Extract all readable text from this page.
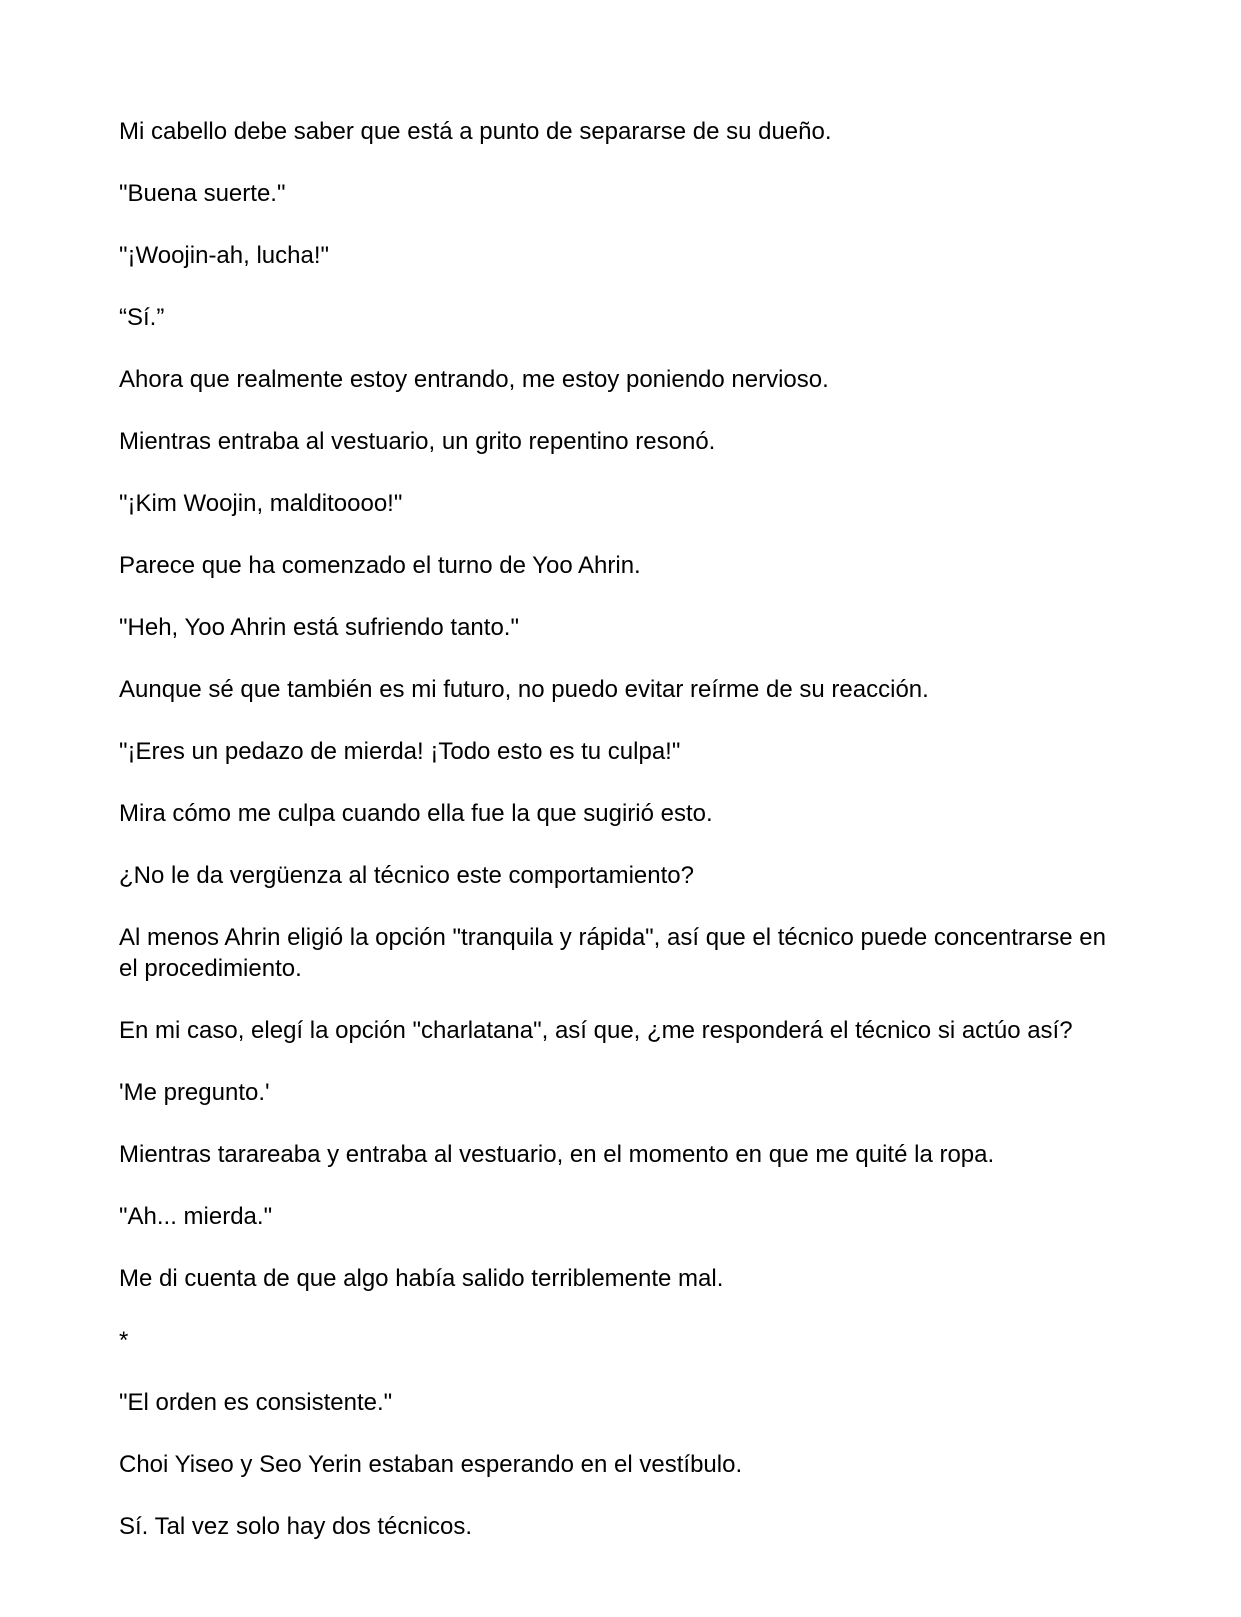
Mi cabello debe saber que está a punto de separarse de su dueño.

"Buena suerte."

"¡Woojin-ah, lucha!"

“Sí.”

Ahora que realmente estoy entrando, me estoy poniendo nervioso.

Mientras entraba al vestuario, un grito repentino resonó.

"¡Kim Woojin, malditoooo!"

Parece que ha comenzado el turno de Yoo Ahrin.

"Heh, Yoo Ahrin está sufriendo tanto."

Aunque sé que también es mi futuro, no puedo evitar reírme de su reacción.

"¡Eres un pedazo de mierda! ¡Todo esto es tu culpa!"

Mira cómo me culpa cuando ella fue la que sugirió esto.

¿No le da vergüenza al técnico este comportamiento?

Al menos Ahrin eligió la opción "tranquila y rápida", así que el técnico puede concentrarse en el procedimiento.

En mi caso, elegí la opción "charlatana", así que, ¿me responderá el técnico si actúo así?

'Me pregunto.'

Mientras tarareaba y entraba al vestuario, en el momento en que me quité la ropa.

"Ah... mierda."

Me di cuenta de que algo había salido terriblemente mal.

*

"El orden es consistente."

Choi Yiseo y Seo Yerin estaban esperando en el vestíbulo.

Sí. Tal vez solo hay dos técnicos.
